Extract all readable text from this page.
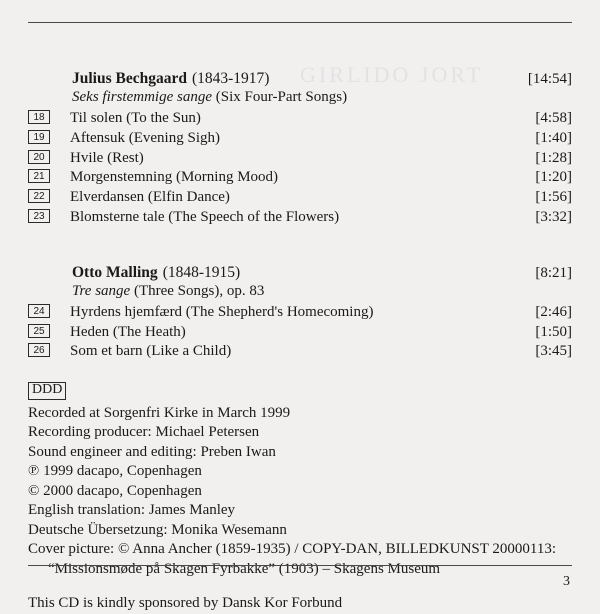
GIRLIDO JORT
Julius Bechgaard (1843-1917)	[14:54]
Seks firstemmige sange (Six Four-Part Songs)
18	Til solen (To the Sun)	[4:58]
19	Aftensuk (Evening Sigh)	[1:40]
20	Hvile (Rest)	[1:28]
21	Morgenstemning (Morning Mood)	[1:20]
22	Elverdansen (Elfin Dance)	[1:56]
23	Blomsterne tale (The Speech of the Flowers)	[3:32]
Otto Malling (1848-1915)	[8:21]
Tre sange (Three Songs), op. 83
24	Hyrdens hjemfærd (The Shepherd's Homecoming)	[2:46]
25	Heden (The Heath)	[1:50]
26	Som et barn (Like a Child)	[3:45]
DDD
Recorded at Sorgenfri Kirke in March 1999
Recording producer: Michael Petersen
Sound engineer and editing: Preben Iwan
℗ 1999 dacapo, Copenhagen
© 2000 dacapo, Copenhagen
English translation: James Manley
Deutsche Übersetzung: Monika Wesemann
Cover picture: © Anna Ancher (1859-1935) / COPY-DAN, BILLEDKUNST 20000113:
“Missionsmøde på Skagen Fyrbakke” (1903) – Skagens Museum
This CD is kindly sponsored by Dansk Kor Forbund
3
